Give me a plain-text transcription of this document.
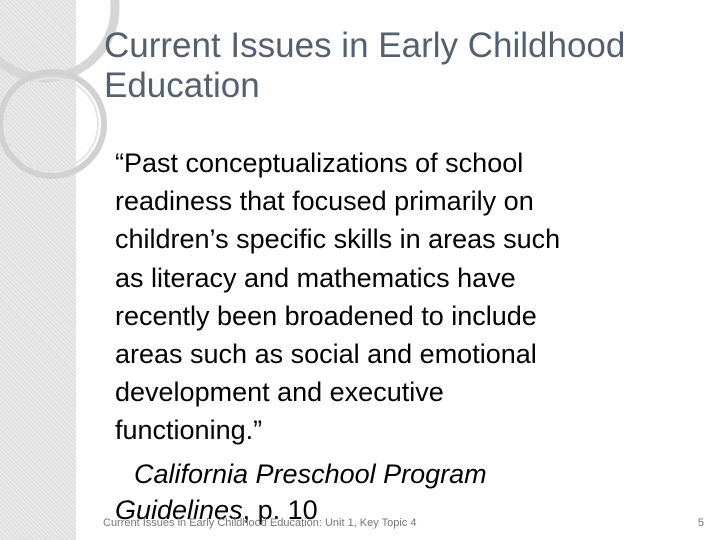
Current Issues in Early Childhood
Education
“Past conceptualizations of school
readiness that focused primarily on
children’s specific skills in areas such
as literacy and mathematics have
recently been broadened to include
areas such as social and emotional
development and executive
functioning.”
California Preschool Program
Guidelines, p. 10
Current Issues in Early Childhood Education: Unit 1, Key Topic 4	5
